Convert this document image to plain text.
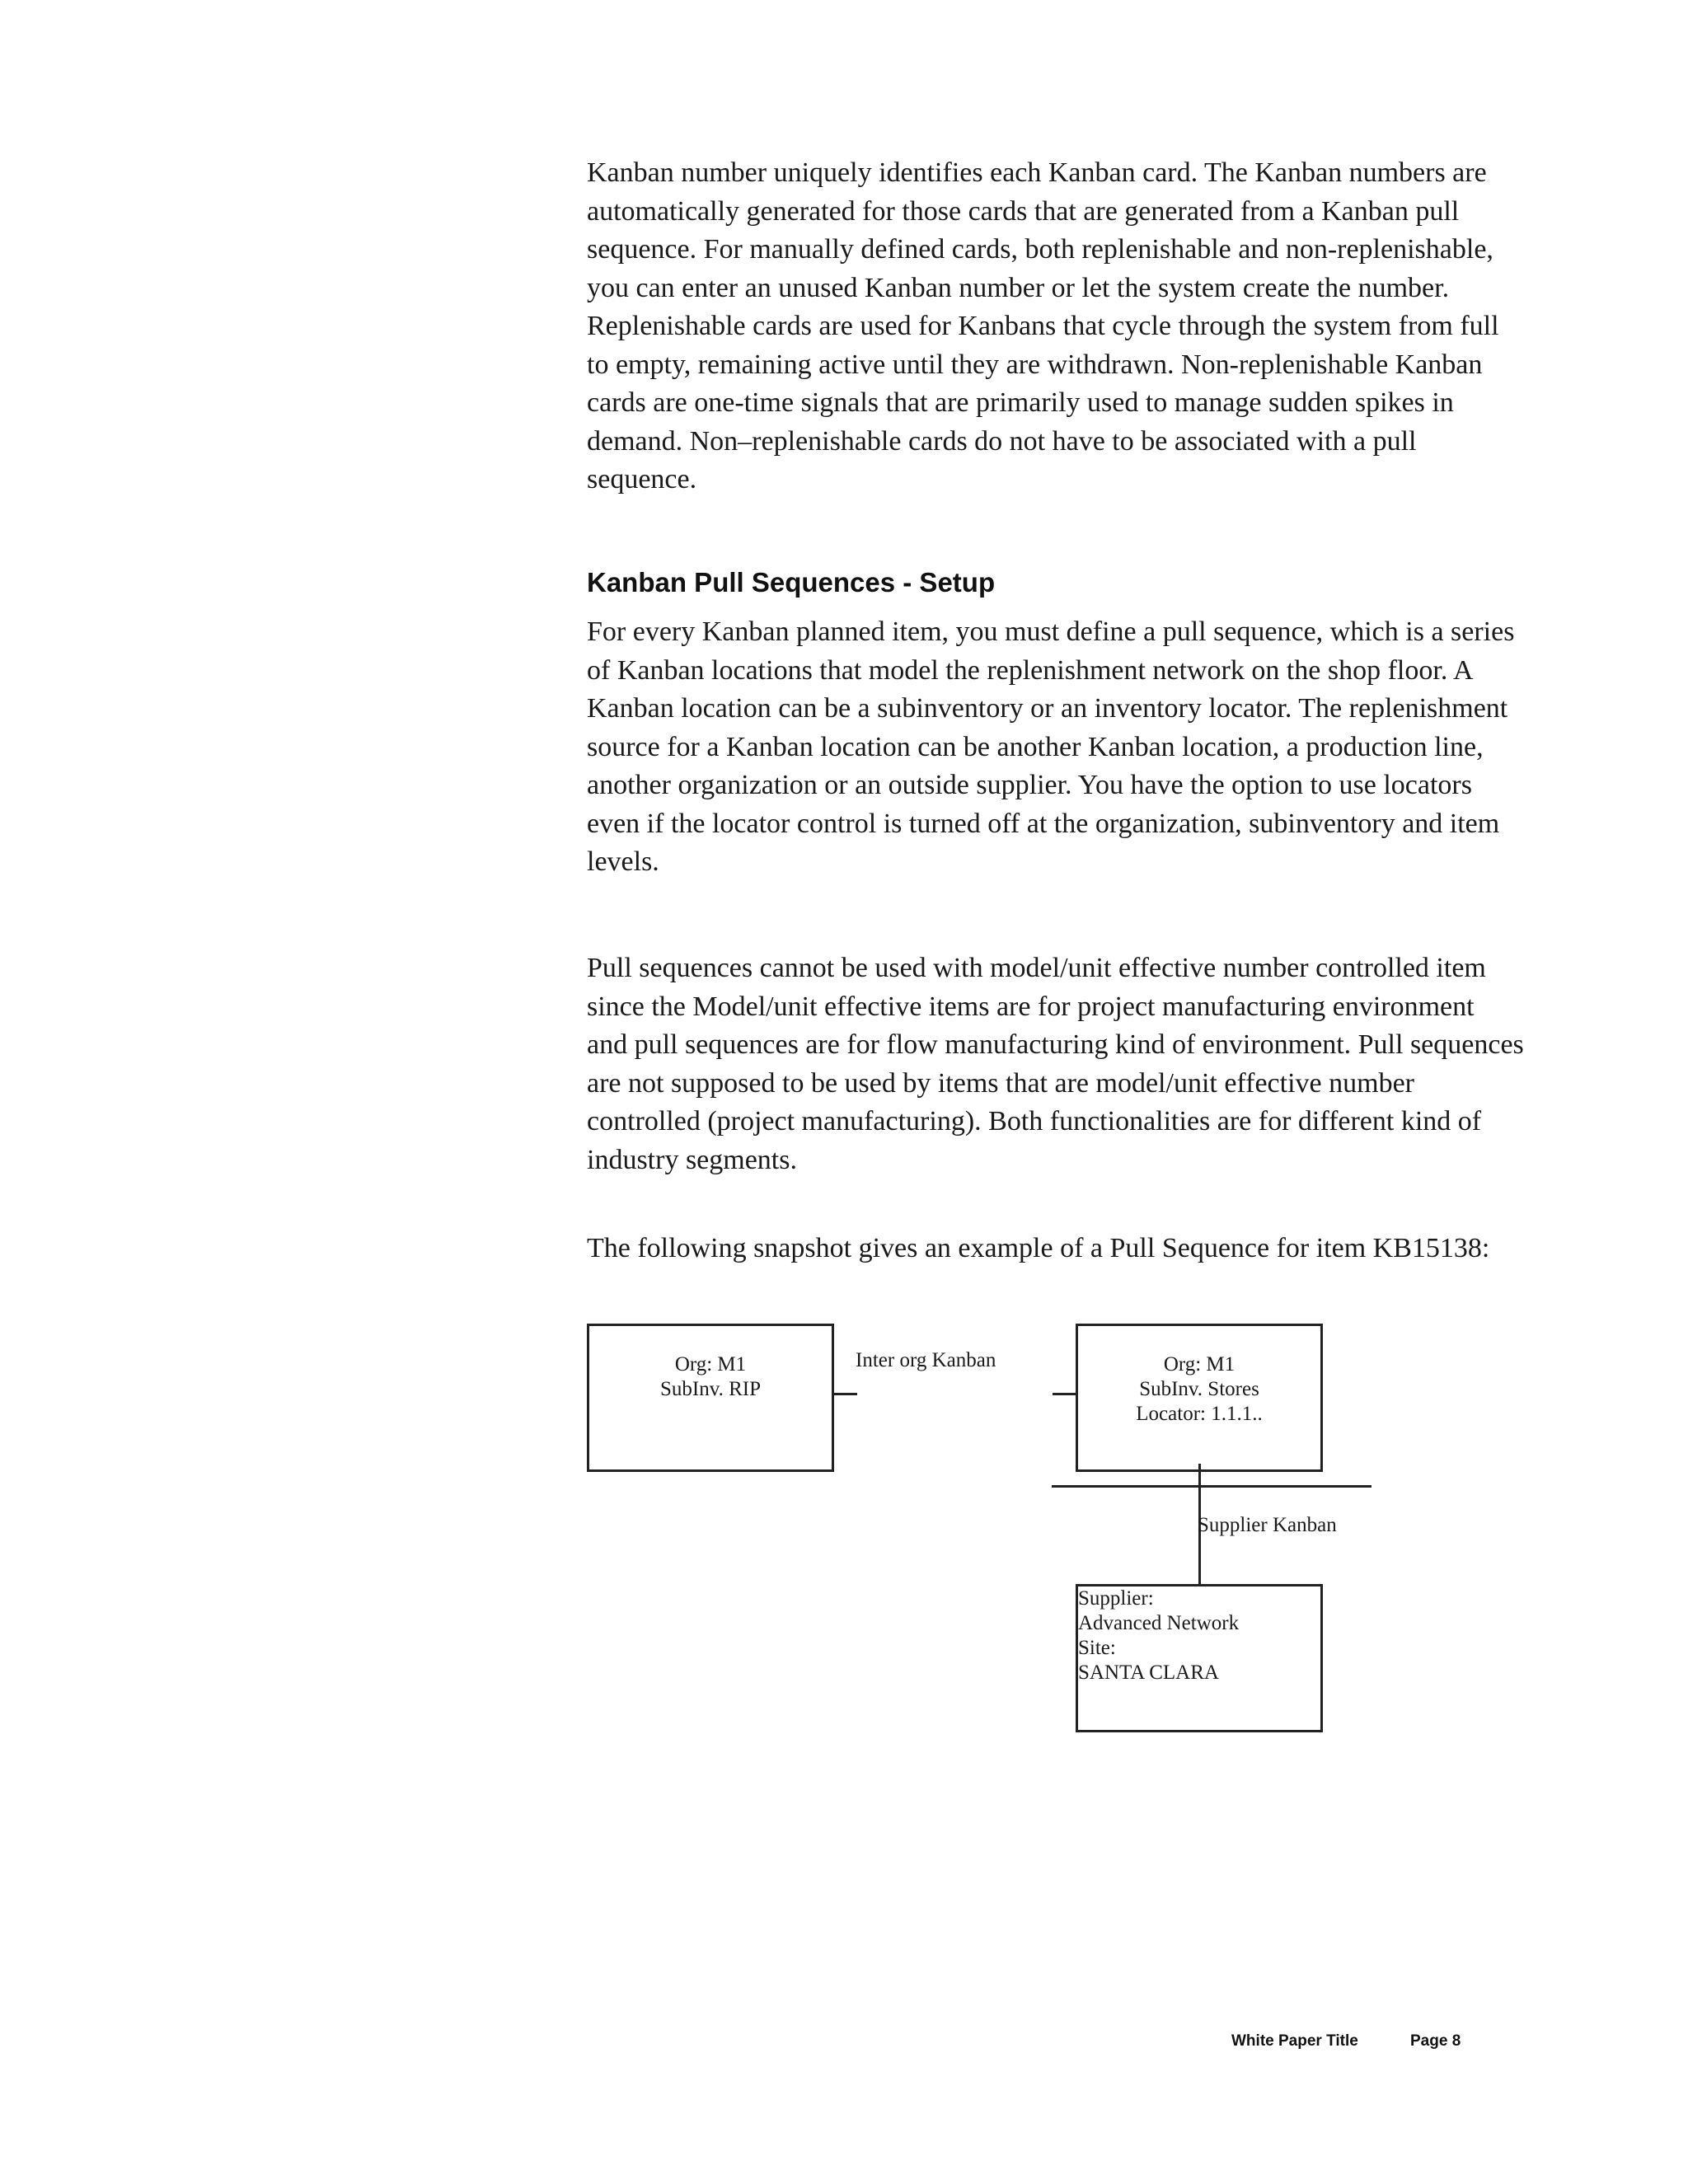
Kanban number uniquely identifies each Kanban card. The Kanban numbers are
automatically generated for those cards that are generated from a Kanban pull
sequence. For manually defined cards, both replenishable and non-replenishable,
you can enter an unused Kanban number or let the system create the number.
Replenishable cards are used for Kanbans that cycle through the system from full
to empty, remaining active until they are withdrawn. Non-replenishable Kanban
cards are one-time signals that are primarily used to manage sudden spikes in
demand. Non–replenishable cards do not have to be associated with a pull
sequence.

Kanban Pull Sequences - Setup

For every Kanban planned item, you must define a pull sequence, which is a series
of Kanban locations that model the replenishment network on the shop floor. A
Kanban location can be a subinventory or an inventory locator. The replenishment
source for a Kanban location can be another Kanban location, a production line,
another organization or an outside supplier. You have the option to use locators
even if the locator control is turned off at the organization, subinventory and item
levels.

Pull sequences cannot be used with model/unit effective number controlled item
since the Model/unit effective items are for project manufacturing environment
and pull sequences are for flow manufacturing kind of environment. Pull sequences
are not supposed to be used by items that are model/unit effective number
controlled (project manufacturing). Both functionalities are for different kind of
industry segments.

The following snapshot gives an example of a Pull Sequence for item KB15138:

Org: M1
SubInv. RIP
Inter org Kanban	Org: M1
SubInv. Stores
Locator: 1.1.1..
Supplier Kanban
Supplier:
Advanced Network
Site:
SANTA CLARA
White Paper Title	Page 8
